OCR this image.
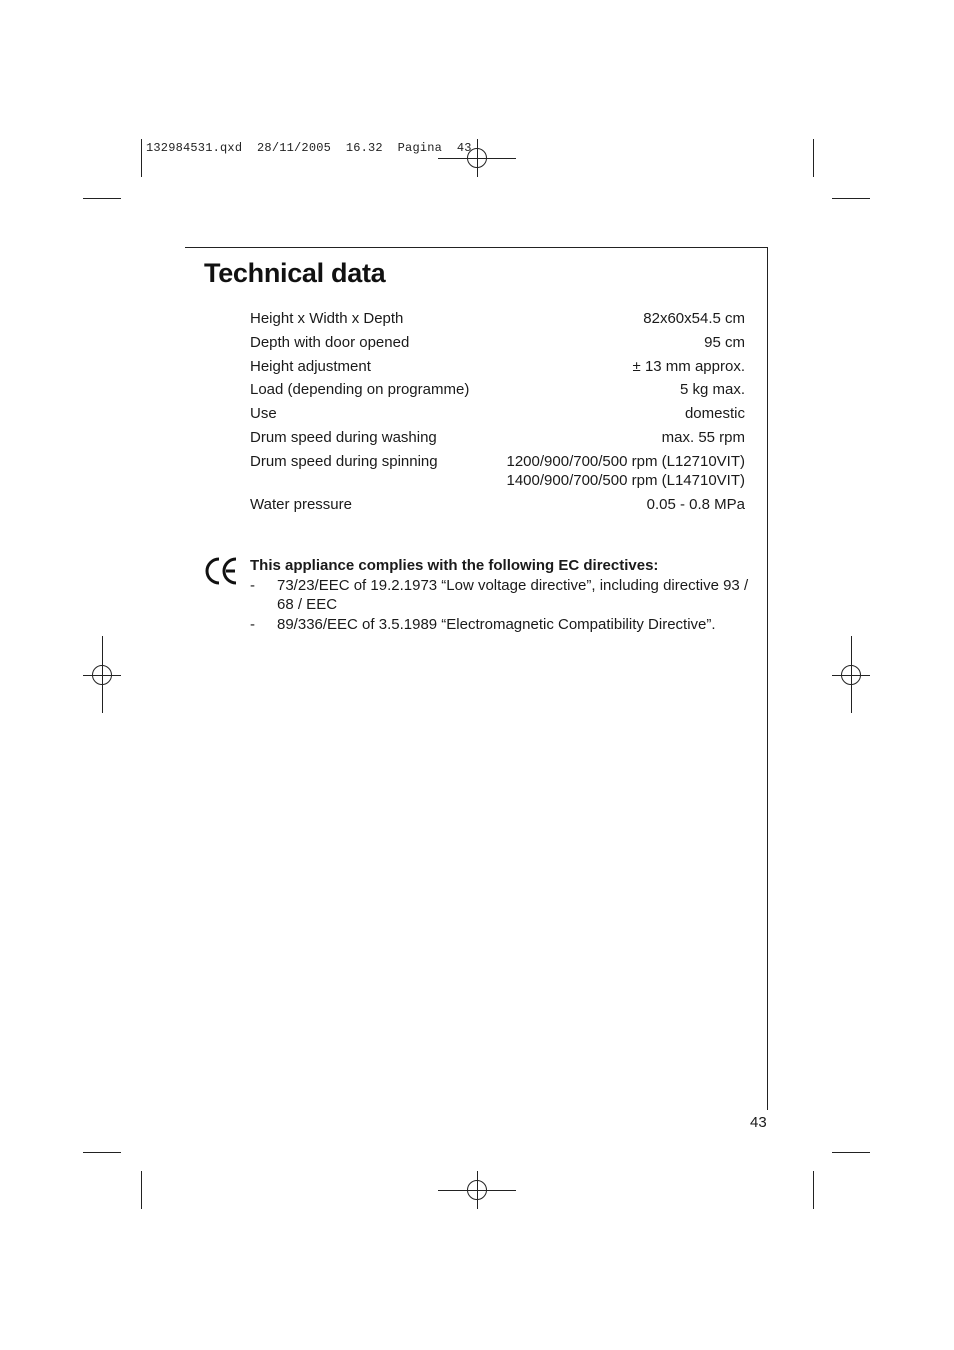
132984531.qxd  28/11/2005  16.32  Pagina  43
Technical data
Height x Width x Depth	82x60x54.5 cm
Depth with door opened	95 cm
Height adjustment	± 13 mm approx.
Load (depending on programme)	5 kg max.
Use	domestic
Drum speed during washing	max. 55 rpm
Drum speed during spinning	1200/900/700/500 rpm (L12710VIT)
1400/900/700/500 rpm (L14710VIT)
Water pressure	0.05 - 0.8 MPa
This appliance complies with the following EC directives:
-	73/23/EEC of 19.2.1973 “Low voltage directive”, including directive 93 / 68 / EEC
-	89/336/EEC of 3.5.1989 “Electromagnetic Compatibility Directive”.
43
